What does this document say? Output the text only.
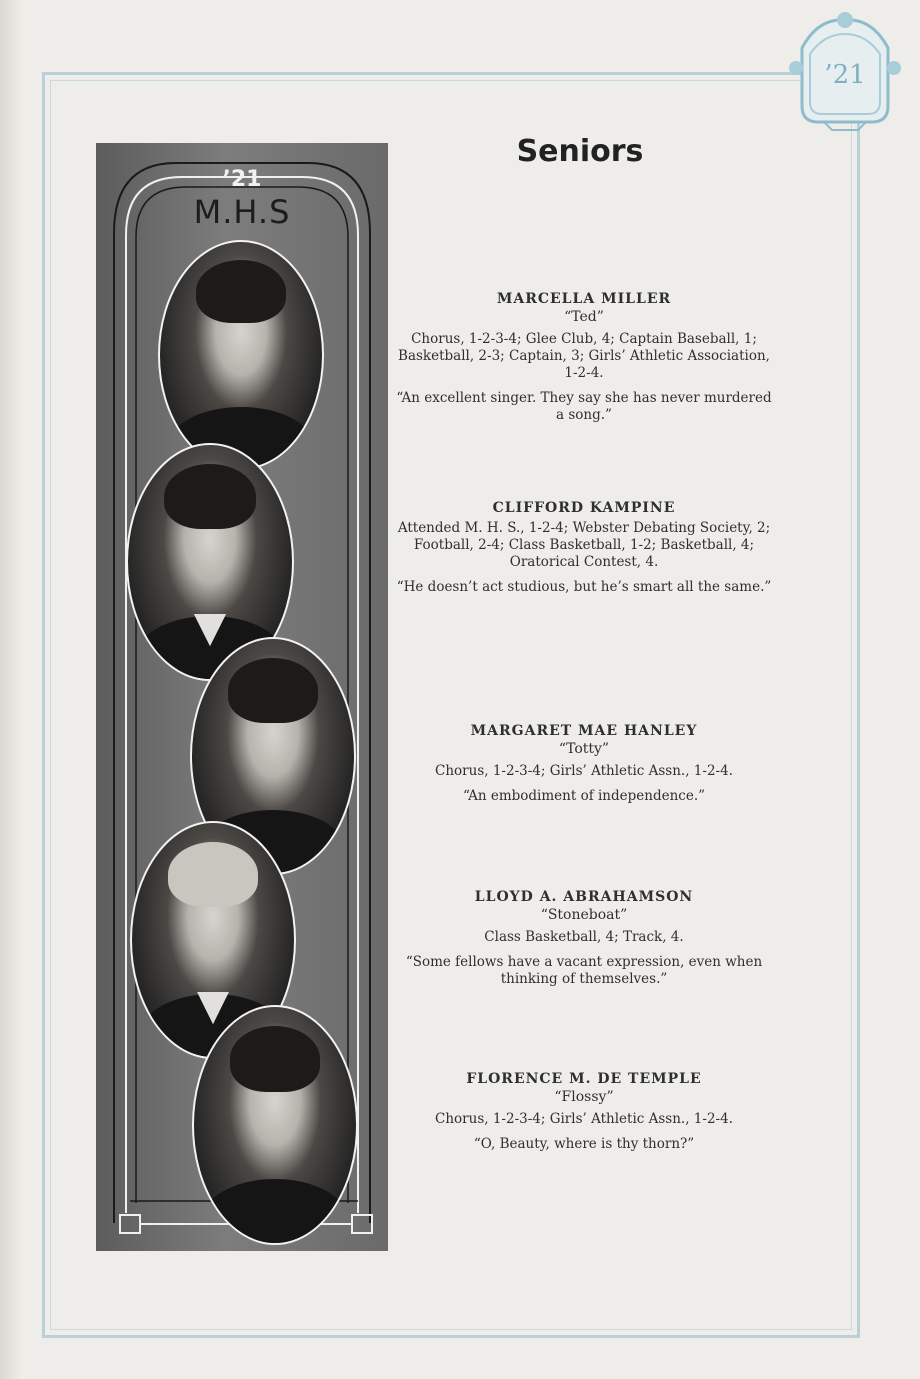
’21
Seniors
’21
M.H.S

MARCELLA MILLER

“Ted”

Chorus, 1-2-3-4; Glee Club, 4; Captain Baseball, 1; Basketball, 2-3; Captain, 3; Girls’ Athletic Association, 1-2-4.

“An excellent singer. They say she has never murdered a song.”

CLIFFORD KAMPINE

Attended M. H. S., 1-2-4; Webster Debating Society, 2; Football, 2-4; Class Basketball, 1-2; Basketball, 4; Oratorical Contest, 4.

“He doesn’t act studious, but he’s smart all the same.”

MARGARET MAE HANLEY

“Totty”

Chorus, 1-2-3-4; Girls’ Athletic Assn., 1-2-4.

“An embodiment of independence.”

LLOYD A. ABRAHAMSON

“Stoneboat”

Class Basketball, 4; Track, 4.

“Some fellows have a vacant expression, even when thinking of themselves.”

FLORENCE M. DE TEMPLE

“Flossy”

Chorus, 1-2-3-4; Girls’ Athletic Assn., 1-2-4.

“O, Beauty, where is thy thorn?”
